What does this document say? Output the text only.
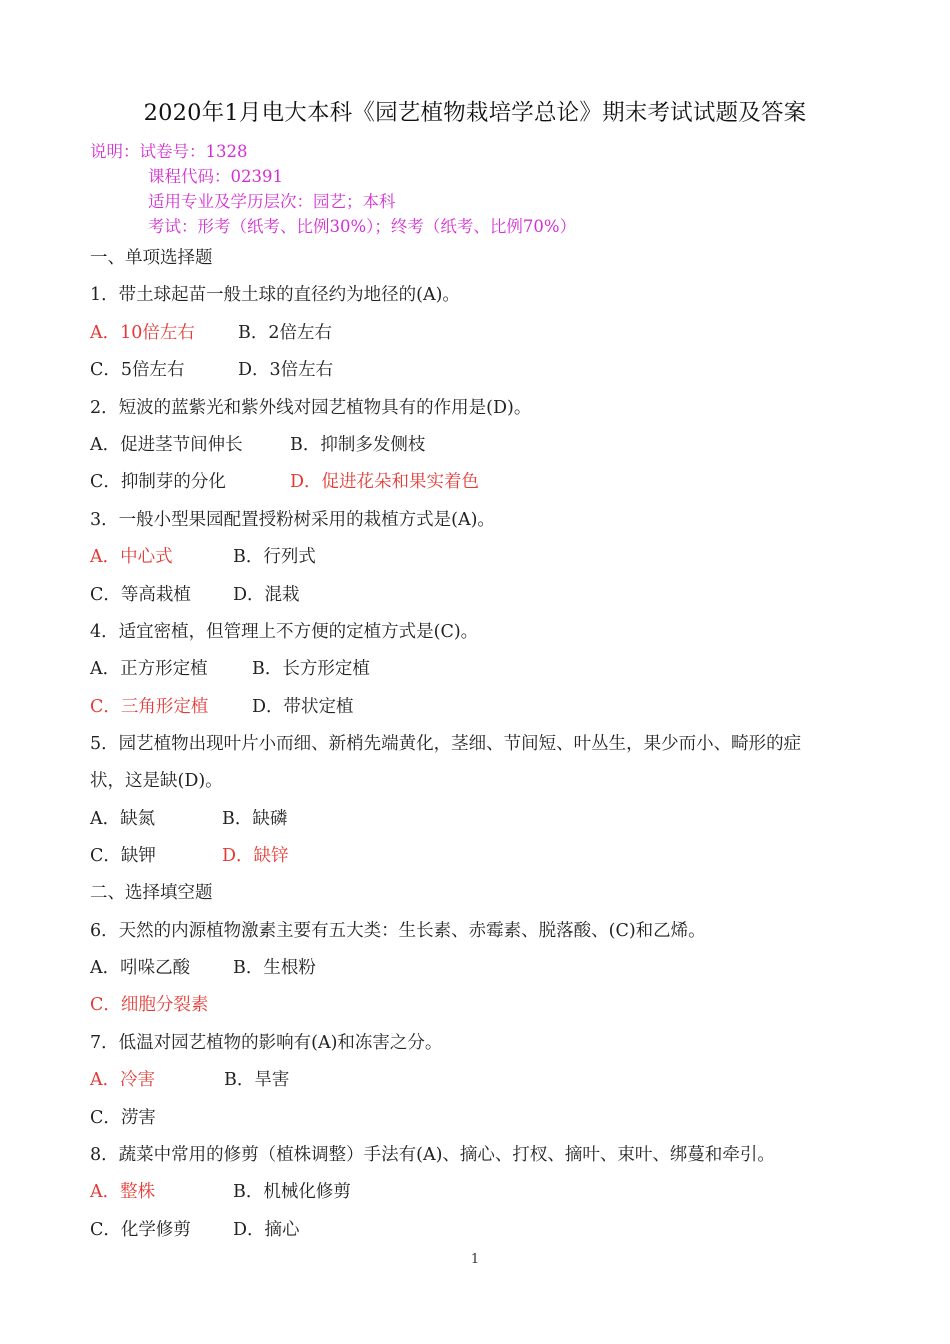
2020年1月电大本科《园艺植物栽培学总论》期末考试试题及答案
说明：试卷号：1328
课程代码：02391
适用专业及学历层次：园艺；本科
考试：形考（纸考、比例30%）；终考（纸考、比例70%）
一、单项选择题
1．带土球起苗一般土球的直径约为地径的(A)。
A．10倍左右 B．2倍左右
C．5倍左右	D．3倍左右
2．短波的蓝紫光和紫外线对园艺植物具有的作用是(D)。
A．促进茎节间伸长	B．抑制多发侧枝
C．抑制芽的分化	D．促进花朵和果实着色
3．一般小型果园配置授粉树采用的栽植方式是(A)。
A．中心式	B．行列式
C．等高栽植 D．混栽
4．适宜密植，但管理上不方便的定植方式是(C)。
A．正方形定植	B．长方形定植
C．三角形定植 D．带状定植
5．园艺植物出现叶片小而细、新梢先端黄化，茎细、节间短、叶丛生，果少而小、畸形的症
状，这是缺(D)。
A．缺氮	B．缺磷
C．缺钾	D．缺锌
二、选择填空题
6．天然的内源植物激素主要有五大类：生长素、赤霉素、脱落酸、(C)和乙烯。
A．吲哚乙酸 B．生根粉
C．细胞分裂素
7．低温对园艺植物的影响有(A)和冻害之分。
A．冷害	B．旱害
C．涝害
8．蔬菜中常用的修剪（植株调整）手法有(A)、摘心、打杈、摘叶、束叶、绑蔓和牵引。
A．整株	B．机械化修剪
C．化学修剪 D．摘心
1
